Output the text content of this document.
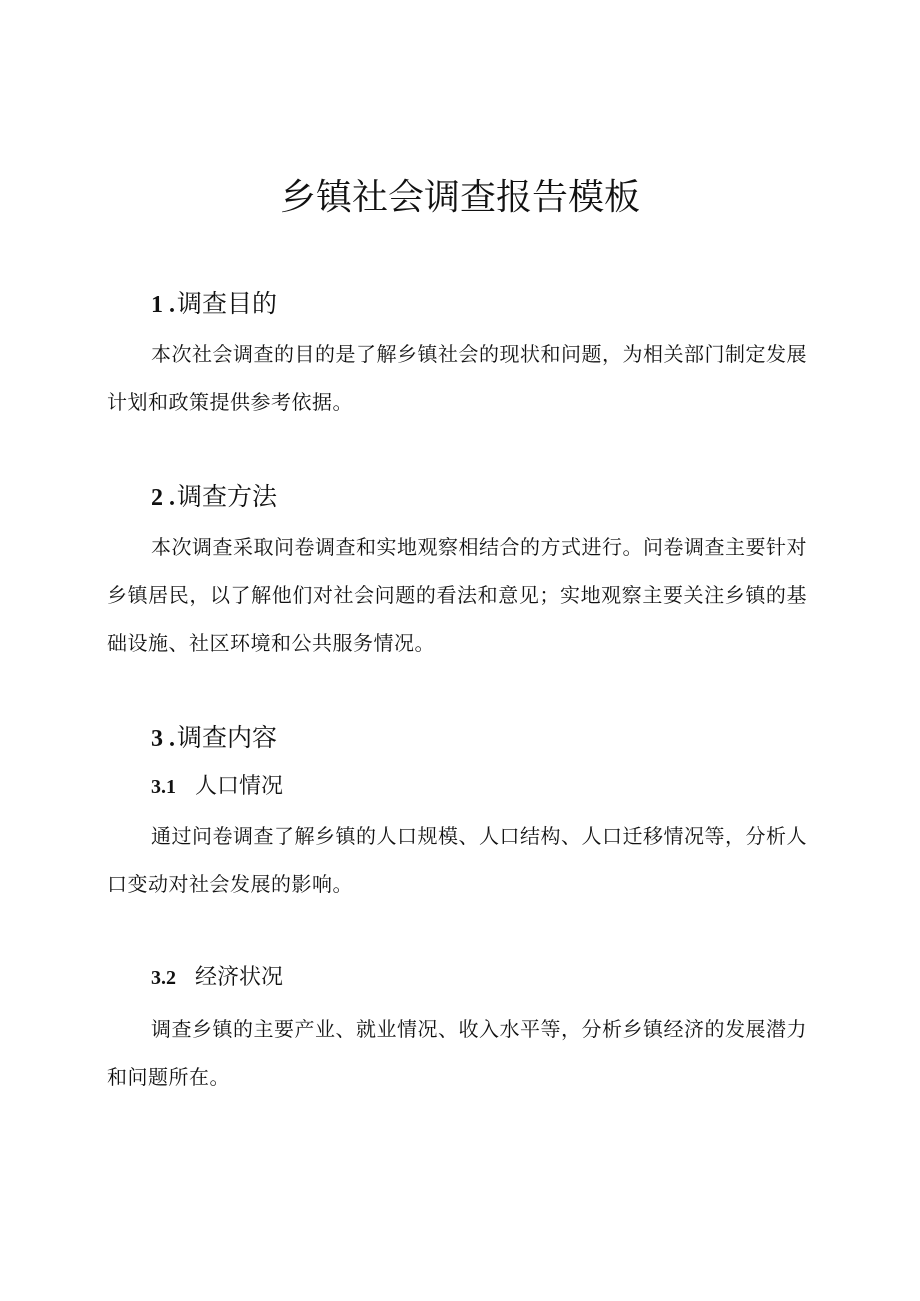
乡镇社会调查报告模板
1 .调查目的

本次社会调查的目的是了解乡镇社会的现状和问题，为相关部门制定发展计划和政策提供参考依据。

2 .调查方法

本次调查采取问卷调查和实地观察相结合的方式进行。问卷调查主要针对乡镇居民，以了解他们对社会问题的看法和意见；实地观察主要关注乡镇的基础设施、社区环境和公共服务情况。

3 .调查内容
3.1 人口情况

通过问卷调查了解乡镇的人口规模、人口结构、人口迁移情况等，分析人口变动对社会发展的影响。

3.2 经济状况

调查乡镇的主要产业、就业情况、收入水平等，分析乡镇经济的发展潜力和问题所在。
